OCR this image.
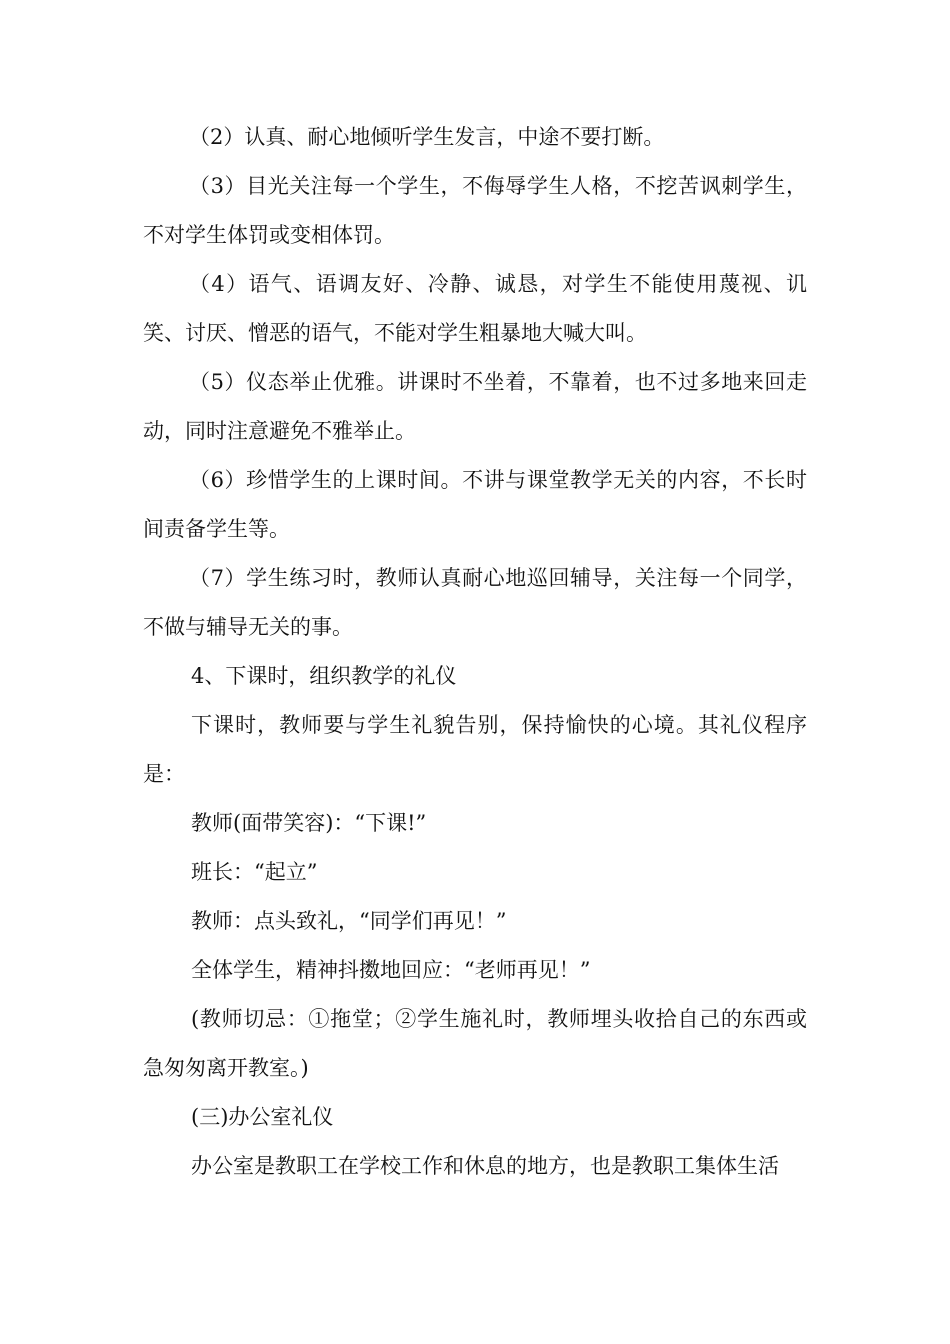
（2）认真、耐心地倾听学生发言，中途不要打断。

（3）目光关注每一个学生，不侮辱学生人格，不挖苦讽刺学生，不对学生体罚或变相体罚。

（4）语气、语调友好、冷静、诚恳，对学生不能使用蔑视、讥笑、讨厌、憎恶的语气，不能对学生粗暴地大喊大叫。

（5）仪态举止优雅。讲课时不坐着，不靠着，也不过多地来回走动，同时注意避免不雅举止。

（6）珍惜学生的上课时间。不讲与课堂教学无关的内容，不长时间责备学生等。

（7）学生练习时，教师认真耐心地巡回辅导，关注每一个同学，不做与辅导无关的事。

4、下课时，组织教学的礼仪

下课时，教师要与学生礼貌告别，保持愉快的心境。其礼仪程序是：

教师(面带笑容)：“下课!”

班长：“起立”

教师：点头致礼，“同学们再见！”

全体学生，精神抖擞地回应：“老师再见！”

(教师切忌：①拖堂；②学生施礼时，教师埋头收拾自己的东西或急匆匆离开教室。)

(三)办公室礼仪

办公室是教职工在学校工作和休息的地方，也是教职工集体生活
